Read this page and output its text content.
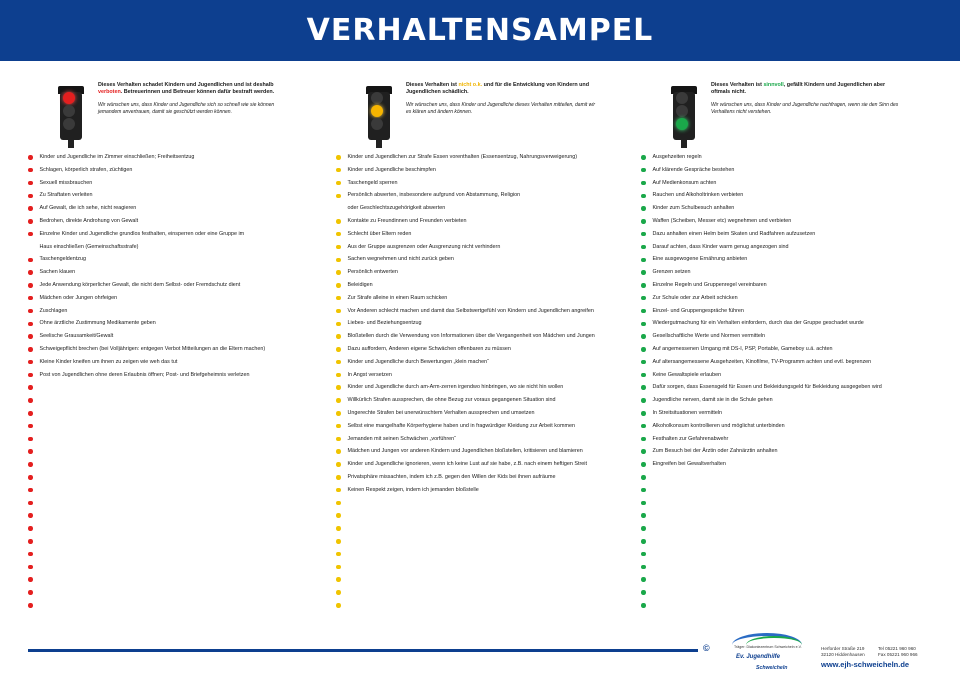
VERHALTENSAMPEL

Dieses Verhalten schadet Kindern und Jugendlichen und ist deshalb verboten. Betreuerinnen und Betreuer können dafür bestraft werden.

Wir wünschen uns, dass Kinder und Jugendliche sich so schnell wie sie können jemandem anvertrauen, damit sie geschützt werden können.

Kinder und Jugendliche im Zimmer einschließen; Freiheitsentzug
Schlagen, körperlich strafen, züchtigen
Sexuell missbrauchen
Zu Straftaten verleiten
Auf Gewalt, die ich sehe, nicht reagieren
Bedrohen, direkte Androhung von Gewalt
Einzelne Kinder und Jugendliche grundlos festhalten, einsperren oder eine Gruppe im
Haus einschließen (Gemeinschaftsstrafe)
Taschengeldentzug
Sachen klauen
Jede Anwendung körperlicher Gewalt, die nicht dem Selbst- oder Fremdschutz dient
Mädchen oder Jungen ohrfeigen
Zuschlagen
Ohne ärztliche Zustimmung Medikamente geben
Seelische Grausamkeit/Gewalt
Schweigepflicht brechen (bei Volljährigen: entgegen Verbot Mitteilungen an die Eltern machen)
Kleine Kinder kneifen um ihnen zu zeigen wie weh das tut
Post von Jugendlichen ohne deren Erlaubnis öffnen; Post- und Briefgeheimnis verletzen

Dieses Verhalten ist nicht o.k. und für die Entwicklung von Kindern und Jugendlichen schädlich.

Wir wünschen uns, dass Kinder und Jugendliche dieses Verhalten mitteilen, damit wir es klären und ändern können.

Kinder und Jugendlichen zur Strafe Essen vorenthalten (Essensentzug, Nahrungsverweigerung)
Kinder und Jugendliche beschimpfen
Taschengeld sperren
Persönlich abwerten, insbesondere aufgrund von Abstammung, Religion
oder Geschlechtszugehörigkeit abwerten
Kontakte zu Freundinnen und Freunden verbieten
Schlecht über Eltern reden
Aus der Gruppe ausgrenzen oder Ausgrenzung nicht verhindern
Sachen wegnehmen und nicht zurück geben
Persönlich entwerten
Beleidigen
Zur Strafe alleine in einen Raum schicken
Vor Anderen schlecht machen und damit das Selbstwertgefühl von Kindern und Jugendlichen angreifen
Liebes- und Beziehungsentzug
Bloßstellen durch die Verwendung von Informationen über die Vergangenheit von Mädchen und Jungen
Dazu auffordern, Anderen eigene Schwächen offenbaren zu müssen
Kinder und Jugendliche durch Bewertungen „klein machen“
In Angst versetzen
Kinder und Jugendliche durch am-Arm-zerren irgendwo hinbringen, wo sie nicht hin wollen
Willkürlich Strafen aussprechen, die ohne Bezug zur voraus gegangenen Situation sind
Ungerechte Strafen bei unerwünschtem Verhalten aussprechen und umsetzen
Selbst eine mangelhafte Körperhygiene haben und in fragwürdiger Kleidung zur Arbeit kommen
Jemanden mit seinen Schwächen „vorführen“
Mädchen und Jungen vor anderen Kindern und Jugendlichen bloßstellen, kritisieren und blamieren
Kinder und Jugendliche ignorieren, wenn ich keine Lust auf sie habe, z.B. nach einem heftigen Streit
Privatsphäre missachten, indem ich z.B. gegen den Willen der Kids bei ihnen aufräume
Keinen Respekt zeigen, indem ich jemanden bloßstelle

Dieses Verhalten ist sinnvoll, gefällt Kindern und Jugendlichen aber oftmals nicht.

Wir wünschen uns, dass Kinder und Jugendliche nachfragen, wenn sie den Sinn des Verhaltens nicht verstehen.

Ausgehzeiten regeln
Auf klärende Gespräche bestehen
Auf Medienkonsum achten
Rauchen und Alkoholtrinken verbieten
Kinder zum Schulbesuch anhalten
Waffen (Scheiben, Messer etc) wegnehmen und verbieten
Dazu anhalten einen Helm beim Skaten und Radfahren aufzusetzen
Darauf achten, dass Kinder warm genug angezogen sind
Eine ausgewogene Ernährung anbieten
Grenzen setzen
Einzelne Regeln und Gruppenregel vereinbaren
Zur Schule oder zur Arbeit schicken
Einzel- und Gruppengespräche führen
Wiedergutmachung für ein Verhalten einfordern, durch das der Gruppe geschadet wurde
Gesellschaftliche Werte und Normen vermitteln
Auf angemessenen Umgang mit DS-I, PSP, Portable, Gameboy u.ä. achten
Auf altersangemessene Ausgehzeiten, Kinofilme, TV-Programm achten und evtl. begrenzen
Keine Gewaltspiele erlauben
Dafür sorgen, dass Essensgeld für Essen und Bekleidungsgeld für Bekleidung ausgegeben wird
Jugendliche nerven, damit sie in die Schule gehen
In Streitsituationen vermitteln
Alkoholkonsum kontrollieren und möglichst unterbinden
Festhalten zur Gefahrenabwehr
Zum Besuch bei der Ärztin oder Zahnärztin anhalten
Eingreifen bei Gewaltverhalten
©	Träger: Diakoniezentrum Schweicheln e.V.
Ev. Jugendhilfe
Schweicheln
Herforder Straße 219
32120 Hiddenhausen
Tel 05221 960 960
Fax 05221 960 966
www.ejh-schweicheln.de
